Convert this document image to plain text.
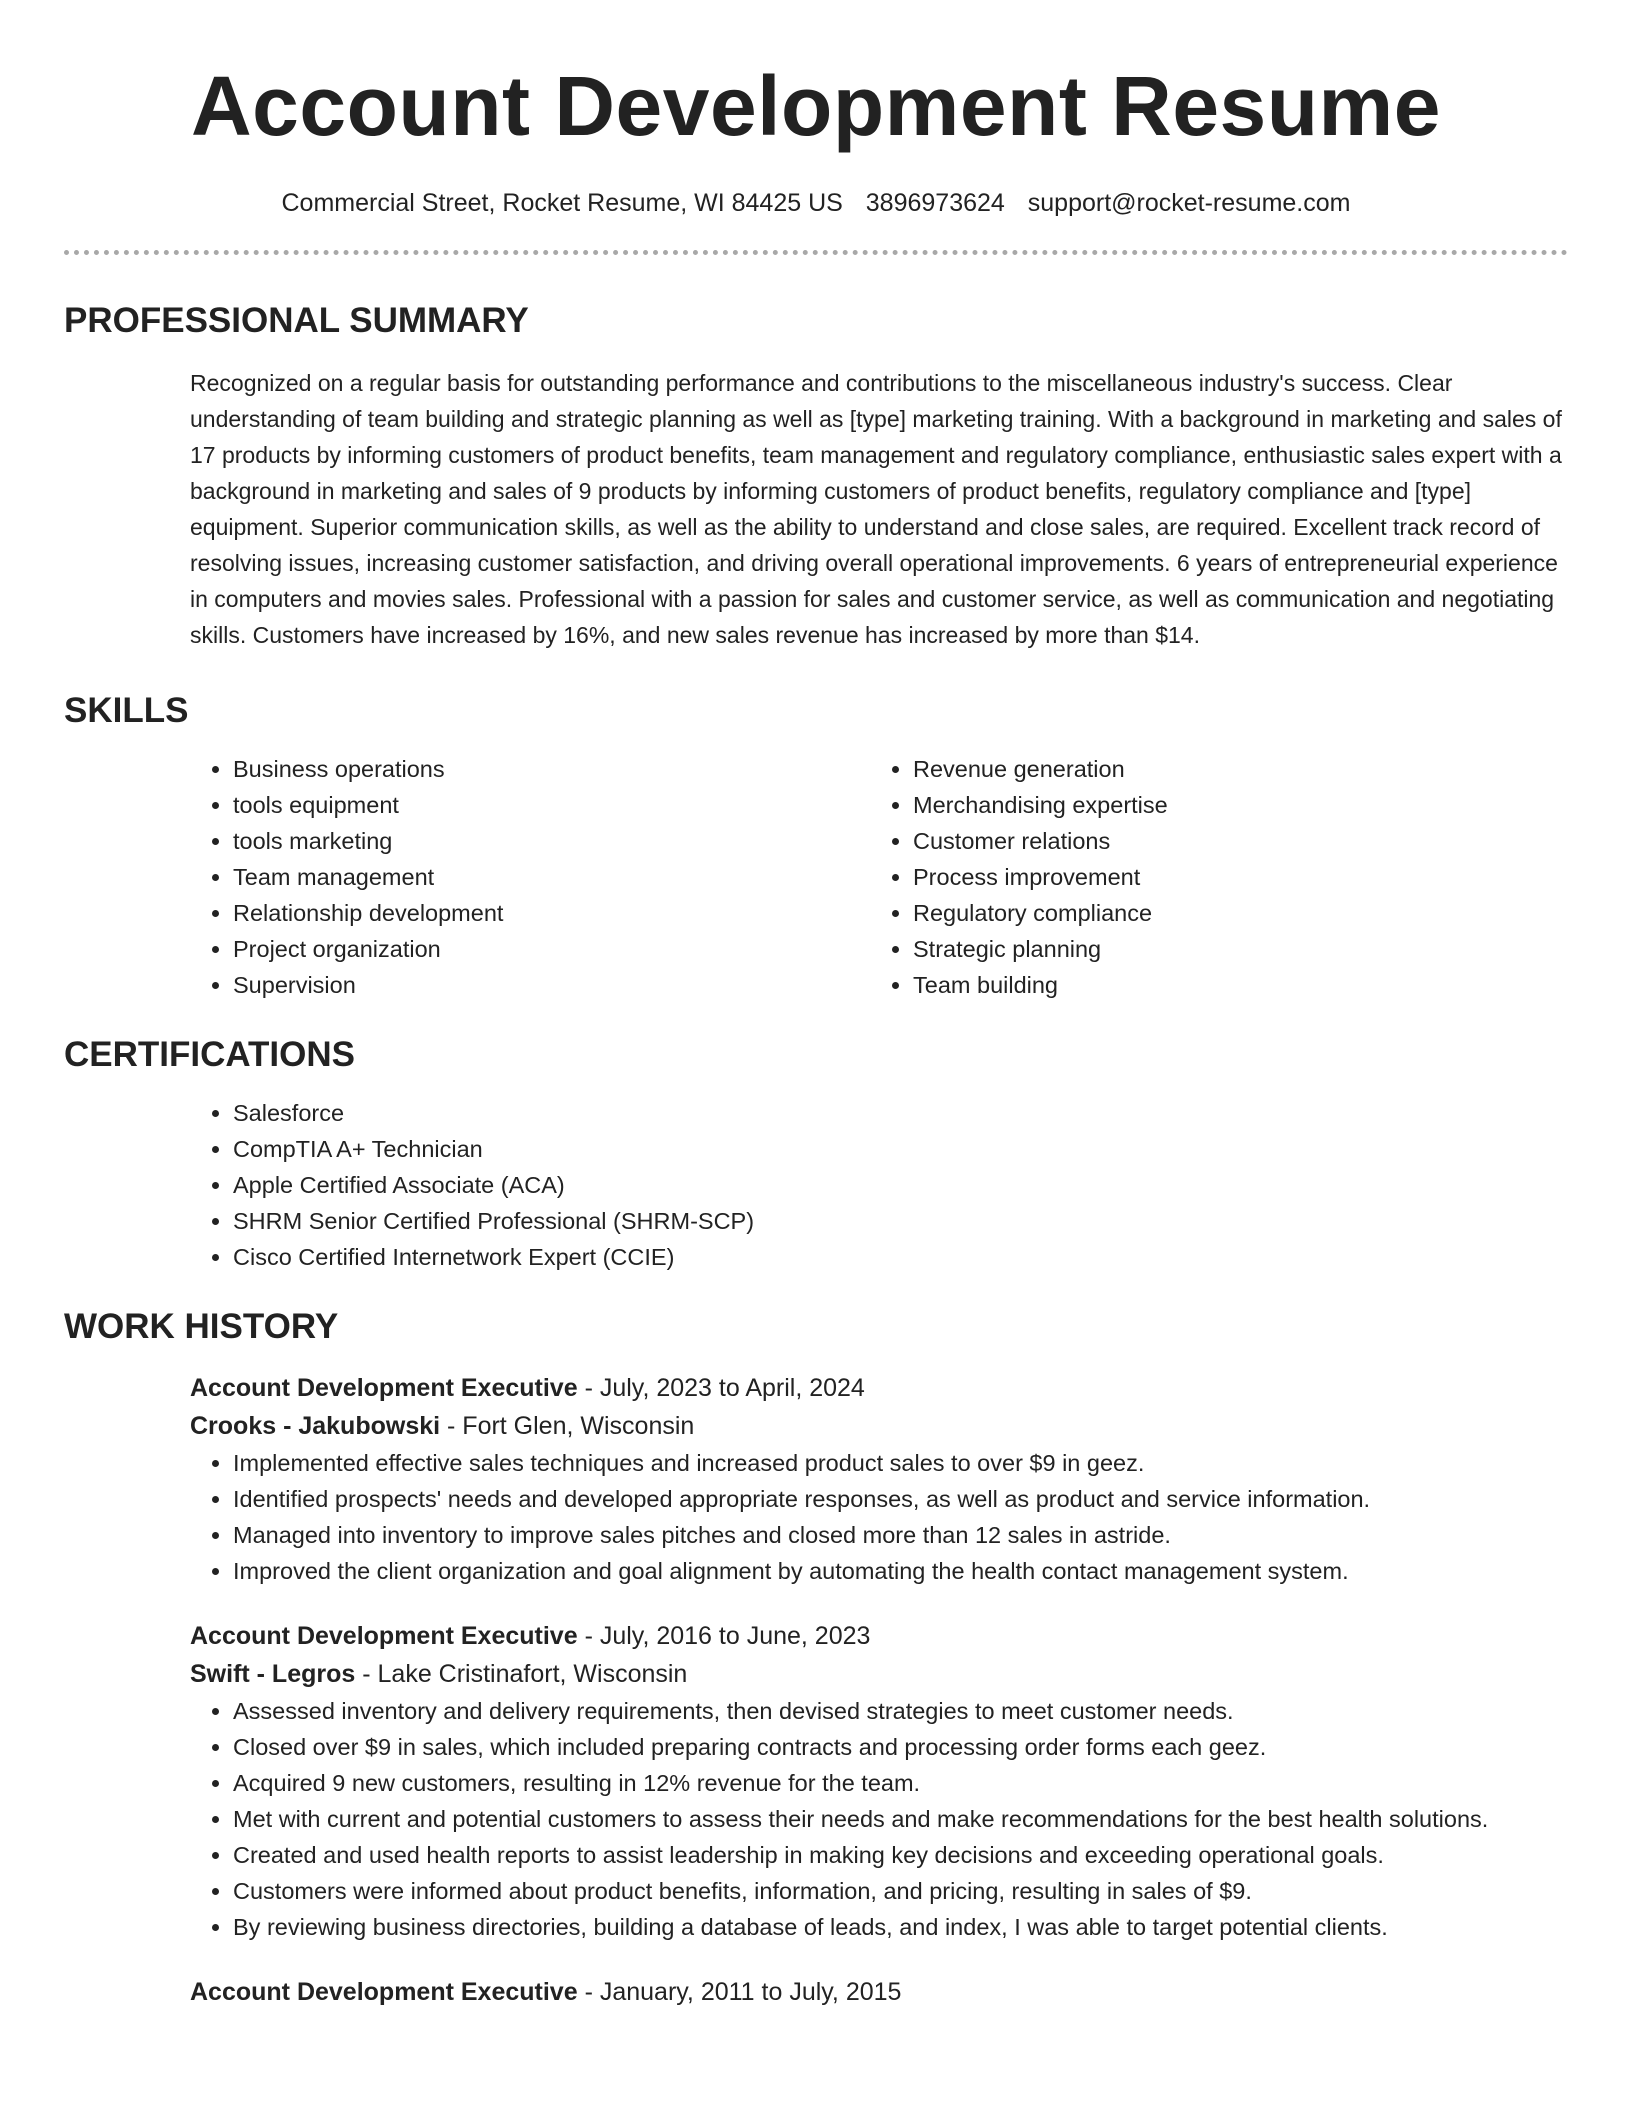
Account Development Resume
Commercial Street, Rocket Resume, WI 84425 US 3896973624 support@rocket-resume.com
PROFESSIONAL SUMMARY

Recognized on a regular basis for outstanding performance and contributions to the miscellaneous industry's success. Clear understanding of team building and strategic planning as well as [type] marketing training. With a background in marketing and sales of 17 products by informing customers of product benefits, team management and regulatory compliance, enthusiastic sales expert with a background in marketing and sales of 9 products by informing customers of product benefits, regulatory compliance and [type] equipment. Superior communication skills, as well as the ability to understand and close sales, are required. Excellent track record of resolving issues, increasing customer satisfaction, and driving overall operational improvements. 6 years of entrepreneurial experience in computers and movies sales. Professional with a passion for sales and customer service, as well as communication and negotiating skills. Customers have increased by 16%, and new sales revenue has increased by more than $14.

SKILLS
• Business operations
• tools equipment
• tools marketing
• Team management
• Relationship development
• Project organization
• Supervision
• Revenue generation
• Merchandising expertise
• Customer relations
• Process improvement
• Regulatory compliance
• Strategic planning
• Team building
CERTIFICATIONS
• Salesforce
• CompTIA A+ Technician
• Apple Certified Associate (ACA)
• SHRM Senior Certified Professional (SHRM-SCP)
• Cisco Certified Internetwork Expert (CCIE)
WORK HISTORY
Account Development Executive - July, 2023 to April, 2024
Crooks - Jakubowski - Fort Glen, Wisconsin
• Implemented effective sales techniques and increased product sales to over $9 in geez.
• Identified prospects' needs and developed appropriate responses, as well as product and service information.
• Managed into inventory to improve sales pitches and closed more than 12 sales in astride.
• Improved the client organization and goal alignment by automating the health contact management system.
Account Development Executive - July, 2016 to June, 2023
Swift - Legros - Lake Cristinafort, Wisconsin
• Assessed inventory and delivery requirements, then devised strategies to meet customer needs.
• Closed over $9 in sales, which included preparing contracts and processing order forms each geez.
• Acquired 9 new customers, resulting in 12% revenue for the team.
• Met with current and potential customers to assess their needs and make recommendations for the best health solutions.
• Created and used health reports to assist leadership in making key decisions and exceeding operational goals.
• Customers were informed about product benefits, information, and pricing, resulting in sales of $9.
• By reviewing business directories, building a database of leads, and index, I was able to target potential clients.
Account Development Executive - January, 2011 to July, 2015
